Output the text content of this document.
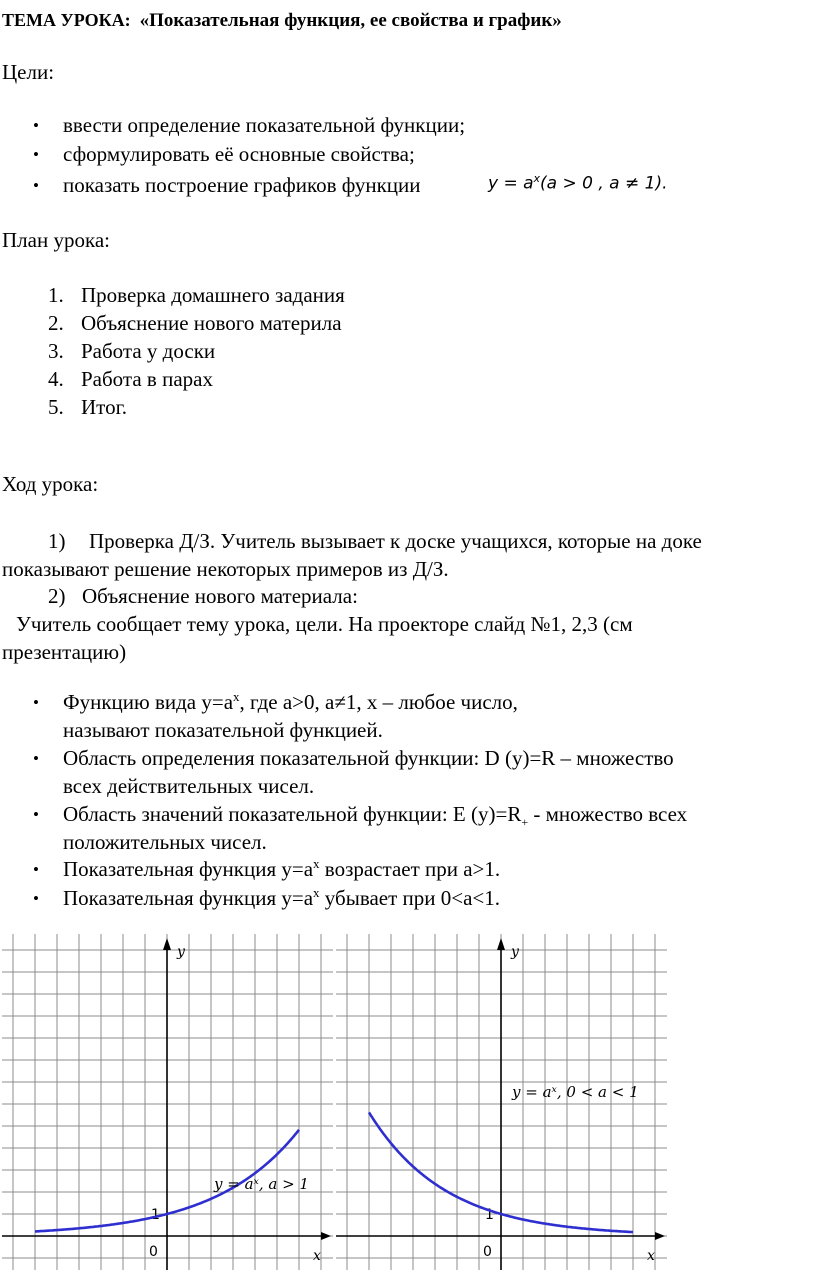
ТЕМА УРОКА: «Показательная функция, ее свойства и график»
Цели:
• ввести определение показательной функции;
• сформулировать её основные свойства;
• показать построение графиков функции	$y = a^x(a > 0$ , a ≠ 1).
План урока:
1. Проверка домашнего задания
2. Объяснение нового материла
3. Работа у доски
4. Работа в парах
5. Итог.
Ход урока:
1) Проверка Д/З. Учитель вызывает к доске учащихся, которые на доке
показывают решение некоторых примеров из Д/З.
2) Объяснение нового материала:
Учитель сообщает тему урока, цели. На проекторе слайд №1, 2,3 (см
презентацию)
• Функцию вида $y=a^x$, где а>0, а≠1, х – любое число,
называют показательной функцией.
• Область определения показательной функции: D (y)=R – множество
всех действительных чисел.
• Область значений показательной функции: E $(y)=R_+$ - множество всех
положительных чисел.
• Показательная функция $y=a^x$ возрастает при а>1.
• Показательная функция $y=a^x$ убывает при 0<a<1.
x
y
0
1
y = aˣ, a > 1
x
y
0
1
y = aˣ, 0 < a < 1
